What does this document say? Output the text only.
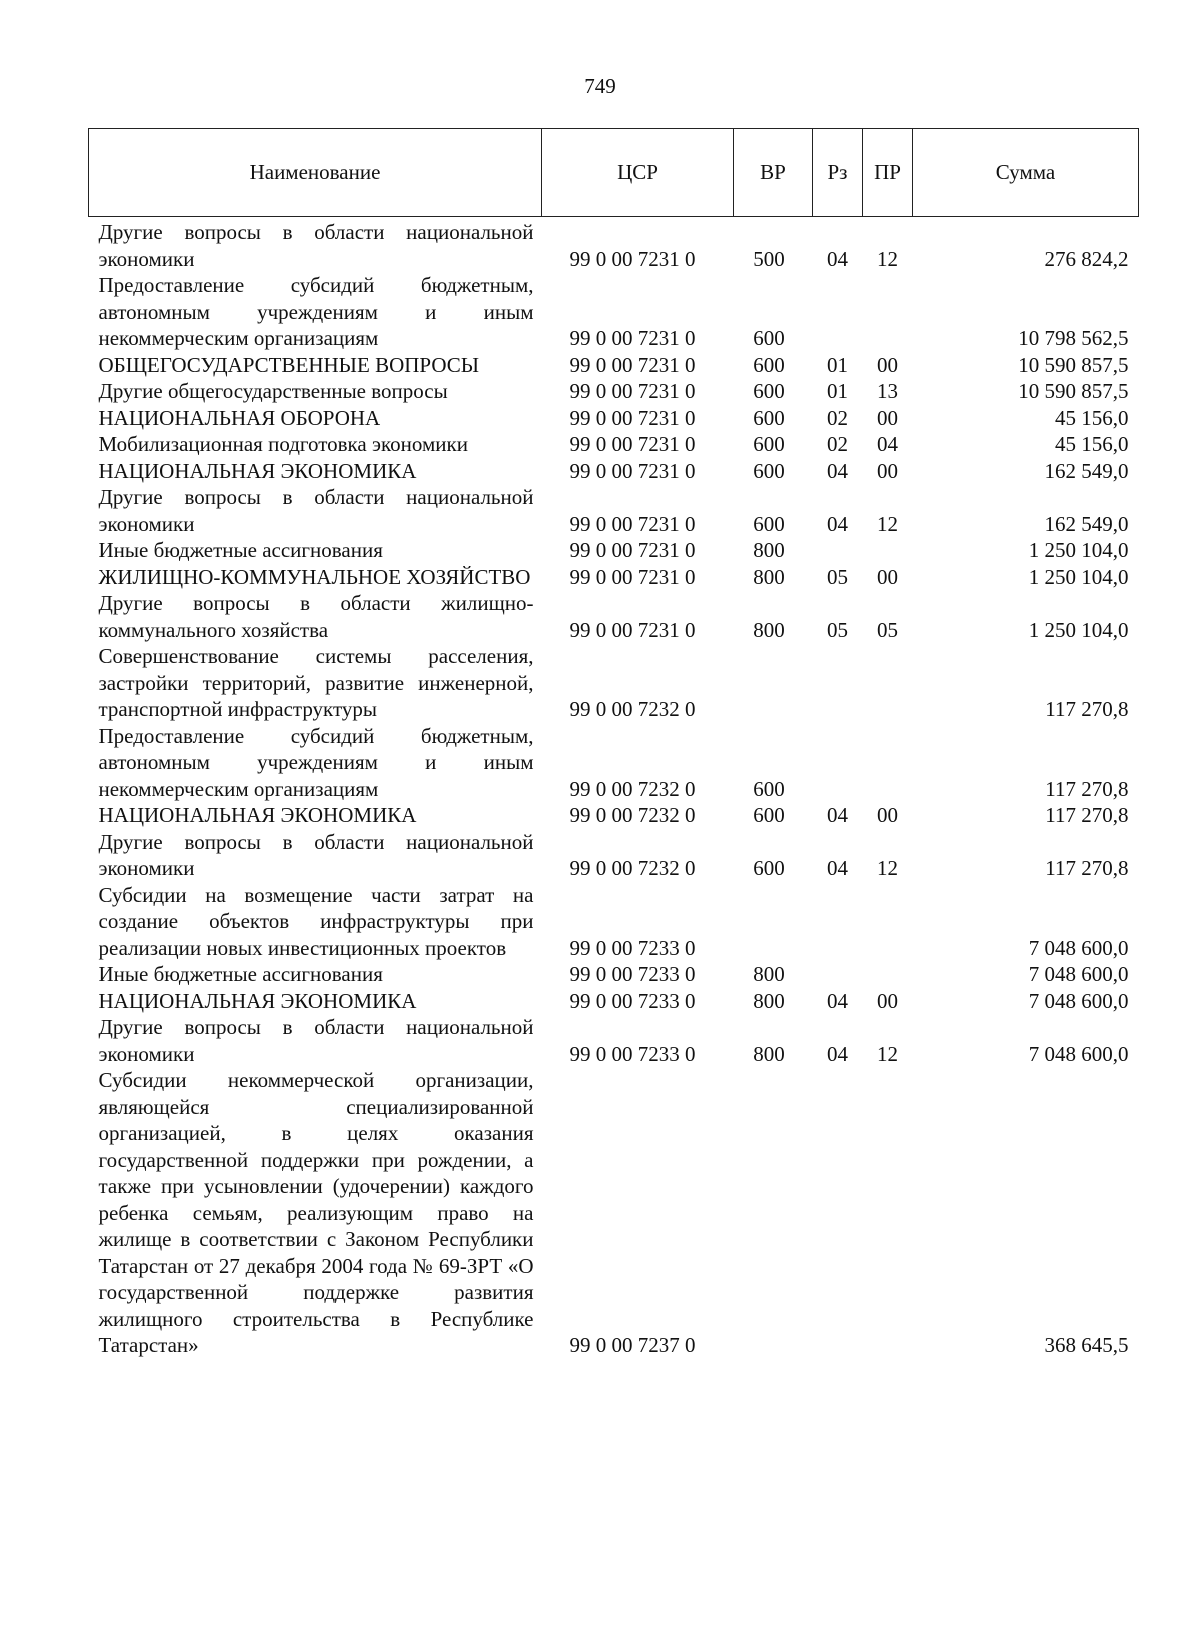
749
Наименование	ЦСР	ВР	Рз	ПР	Сумма
Другие вопросы в области национальной экономики	99 0 00 7231 0	500	04	12	276 824,2
Предоставление субсидий бюджетным, автономным учреждениям и иным некоммерческим организациям	99 0 00 7231 0	600			10 798 562,5
ОБЩЕГОСУДАРСТВЕННЫЕ ВОПРОСЫ	99 0 00 7231 0	600	01	00	10 590 857,5
Другие общегосударственные вопросы	99 0 00 7231 0	600	01	13	10 590 857,5
НАЦИОНАЛЬНАЯ ОБОРОНА	99 0 00 7231 0	600	02	00	45 156,0
Мобилизационная подготовка экономики	99 0 00 7231 0	600	02	04	45 156,0
НАЦИОНАЛЬНАЯ ЭКОНОМИКА	99 0 00 7231 0	600	04	00	162 549,0
Другие вопросы в области национальной экономики	99 0 00 7231 0	600	04	12	162 549,0
Иные бюджетные ассигнования	99 0 00 7231 0	800			1 250 104,0
ЖИЛИЩНО-КОММУНАЛЬНОЕ ХОЗЯЙСТВО	99 0 00 7231 0	800	05	00	1 250 104,0
Другие вопросы в области жилищно-коммунального хозяйства	99 0 00 7231 0	800	05	05	1 250 104,0
Совершенствование системы расселения, застройки территорий, развитие инженерной, транспортной инфраструктуры	99 0 00 7232 0				117 270,8
Предоставление субсидий бюджетным, автономным учреждениям и иным некоммерческим организациям	99 0 00 7232 0	600			117 270,8
НАЦИОНАЛЬНАЯ ЭКОНОМИКА	99 0 00 7232 0	600	04	00	117 270,8
Другие вопросы в области национальной экономики	99 0 00 7232 0	600	04	12	117 270,8
Субсидии на возмещение части затрат на создание объектов инфраструктуры при реализации новых инвестиционных проектов	99 0 00 7233 0				7 048 600,0
Иные бюджетные ассигнования	99 0 00 7233 0	800			7 048 600,0
НАЦИОНАЛЬНАЯ ЭКОНОМИКА	99 0 00 7233 0	800	04	00	7 048 600,0
Другие вопросы в области национальной экономики	99 0 00 7233 0	800	04	12	7 048 600,0
Субсидии некоммерческой организации, являющейся специализированной организацией, в целях оказания государственной поддержки при рождении, а также при усыновлении (удочерении) каждого ребенка семьям, реализующим право на жилище в соответствии с Законом Республики Татарстан от 27 декабря 2004 года № 69-ЗРТ «О государственной поддержке развития жилищного строительства в Республике Татарстан»	99 0 00 7237 0				368 645,5
